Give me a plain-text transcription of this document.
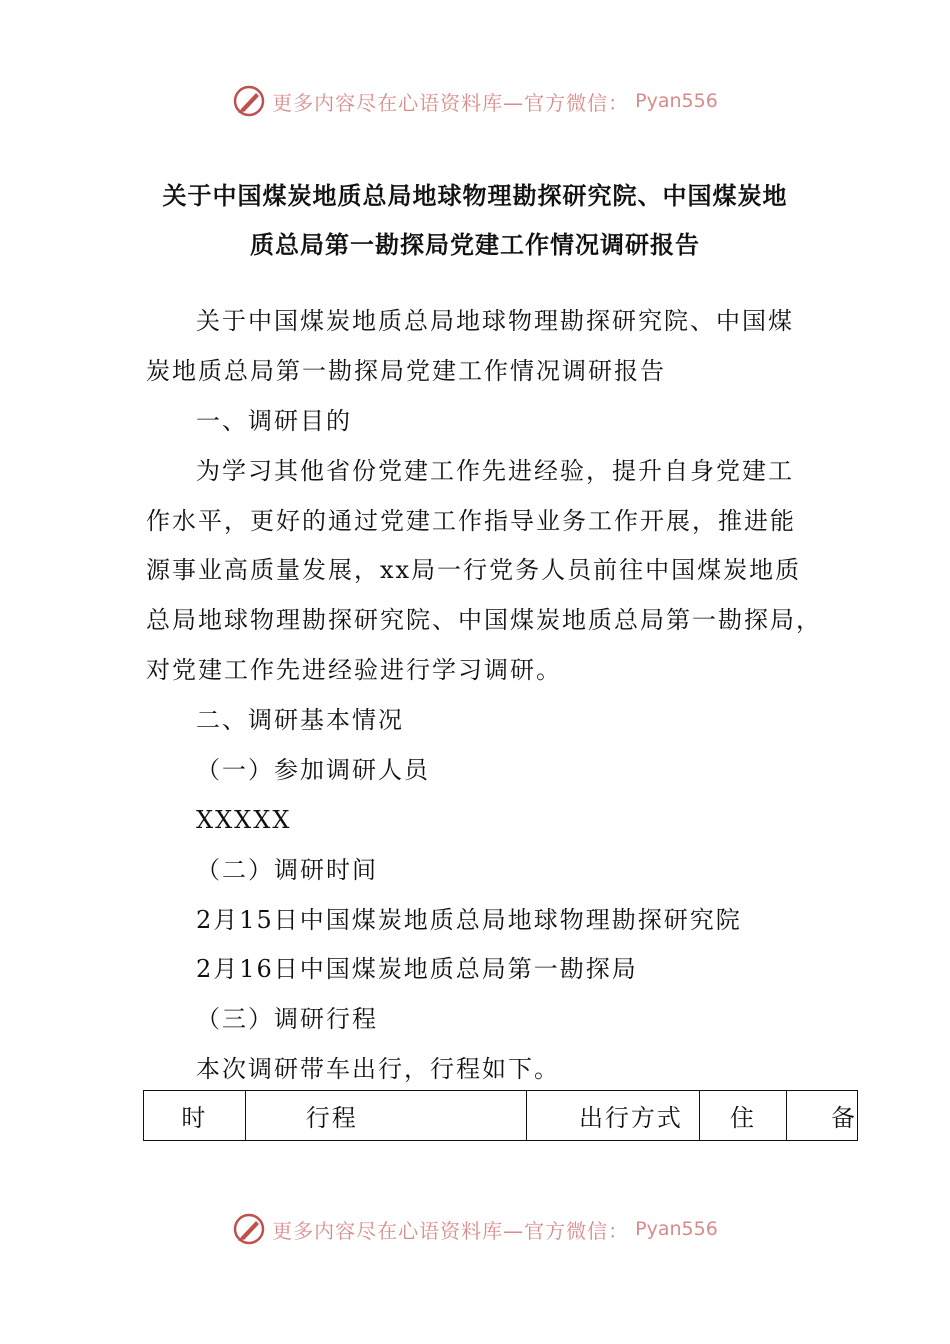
更多内容尽在心语资料库—官方微信： Pyan556
关于中国煤炭地质总局地球物理勘探研究院、中国煤炭地
质总局第一勘探局党建工作情况调研报告
关于中国煤炭地质总局地球物理勘探研究院、中国煤
炭地质总局第一勘探局党建工作情况调研报告
一、调研目的
为学习其他省份党建工作先进经验，提升自身党建工
作水平，更好的通过党建工作指导业务工作开展，推进能
源事业高质量发展，xx局一行党务人员前往中国煤炭地质
总局地球物理勘探研究院、中国煤炭地质总局第一勘探局，
对党建工作先进经验进行学习调研。
二、调研基本情况
（一）参加调研人员
XXXXX
（二）调研时间
2月15日中国煤炭地质总局地球物理勘探研究院
2月16日中国煤炭地质总局第一勘探局
（三）调研行程
本次调研带车出行，行程如下。
时	行程	出行方式	住	备
更多内容尽在心语资料库—官方微信： Pyan556
